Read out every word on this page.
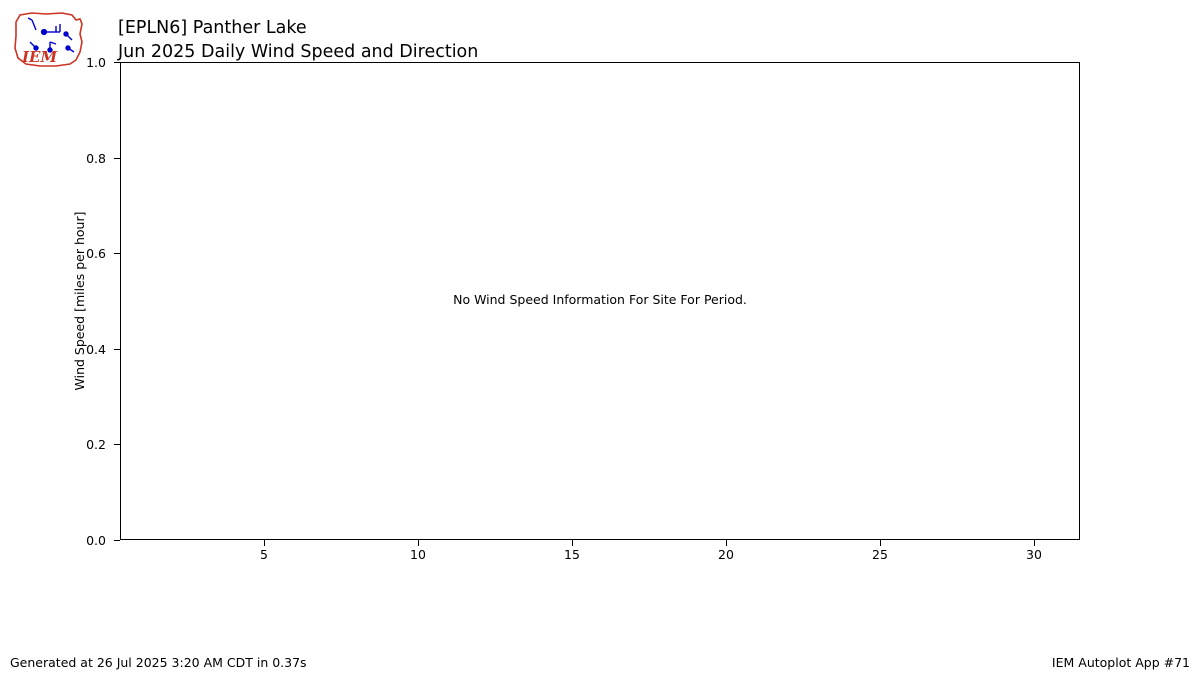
IEM
[EPLN6] Panther Lake
Jun 2025 Daily Wind Speed and Direction
Wind Speed [miles per hour]
0.0
0.2
0.4
0.6
0.8
1.0
No Wind Speed Information For Site For Period.
5	10	15	20	25	30
Generated at 26 Jul 2025 3:20 AM CDT in 0.37s	IEM Autoplot App #71
